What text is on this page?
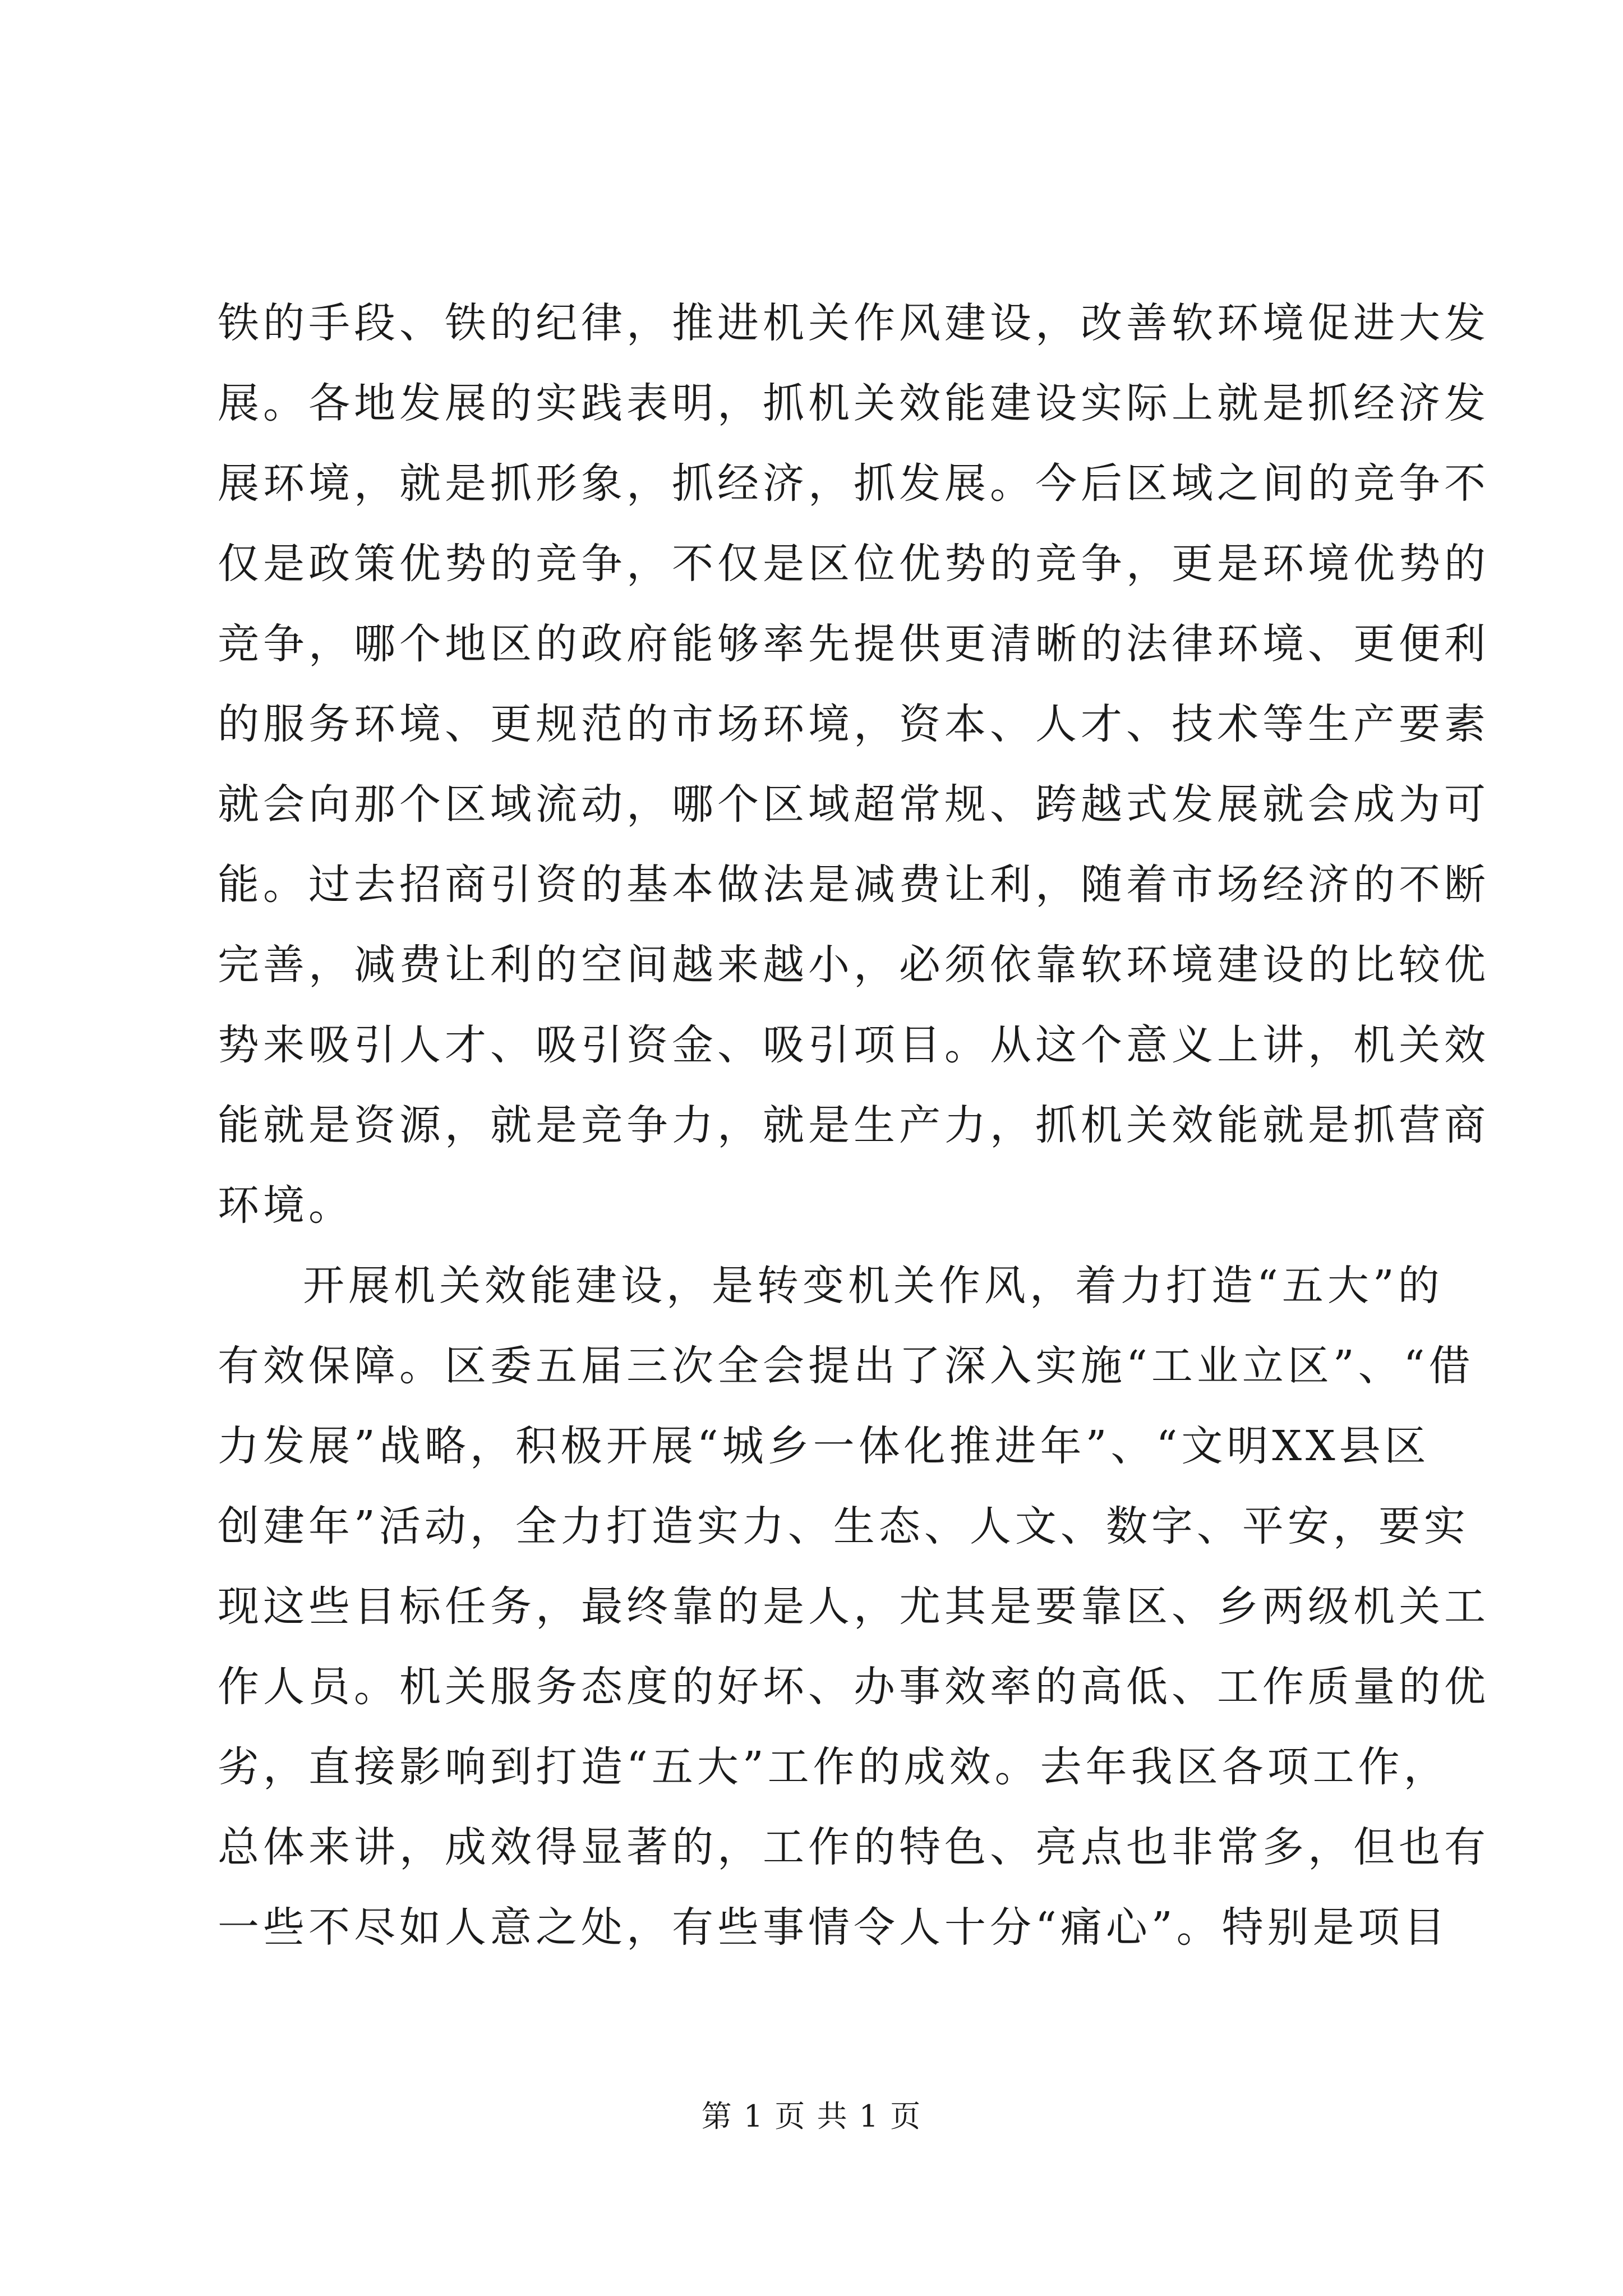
铁的手段、铁的纪律，推进机关作风建设，改善软环境促进大发
展。各地发展的实践表明，抓机关效能建设实际上就是抓经济发
展环境，就是抓形象，抓经济，抓发展。今后区域之间的竞争不
仅是政策优势的竞争，不仅是区位优势的竞争，更是环境优势的
竞争，哪个地区的政府能够率先提供更清晰的法律环境、更便利
的服务环境、更规范的市场环境，资本、人才、技术等生产要素
就会向那个区域流动，哪个区域超常规、跨越式发展就会成为可
能。过去招商引资的基本做法是减费让利，随着市场经济的不断
完善，减费让利的空间越来越小，必须依靠软环境建设的比较优
势来吸引人才、吸引资金、吸引项目。从这个意义上讲，机关效
能就是资源，就是竞争力，就是生产力，抓机关效能就是抓营商
环境。
开展机关效能建设，是转变机关作风，着力打造“五大”的
有效保障。区委五届三次全会提出了深入实施“工业立区”、“借
力发展”战略，积极开展“城乡一体化推进年”、“文明XX县区
创建年”活动，全力打造实力、生态、人文、数字、平安，要实
现这些目标任务，最终靠的是人，尤其是要靠区、乡两级机关工
作人员。机关服务态度的好坏、办事效率的高低、工作质量的优
劣，直接影响到打造“五大”工作的成效。去年我区各项工作，
总体来讲，成效得显著的，工作的特色、亮点也非常多，但也有
一些不尽如人意之处，有些事情令人十分“痛心”。特别是项目
第 1 页 共 1 页
